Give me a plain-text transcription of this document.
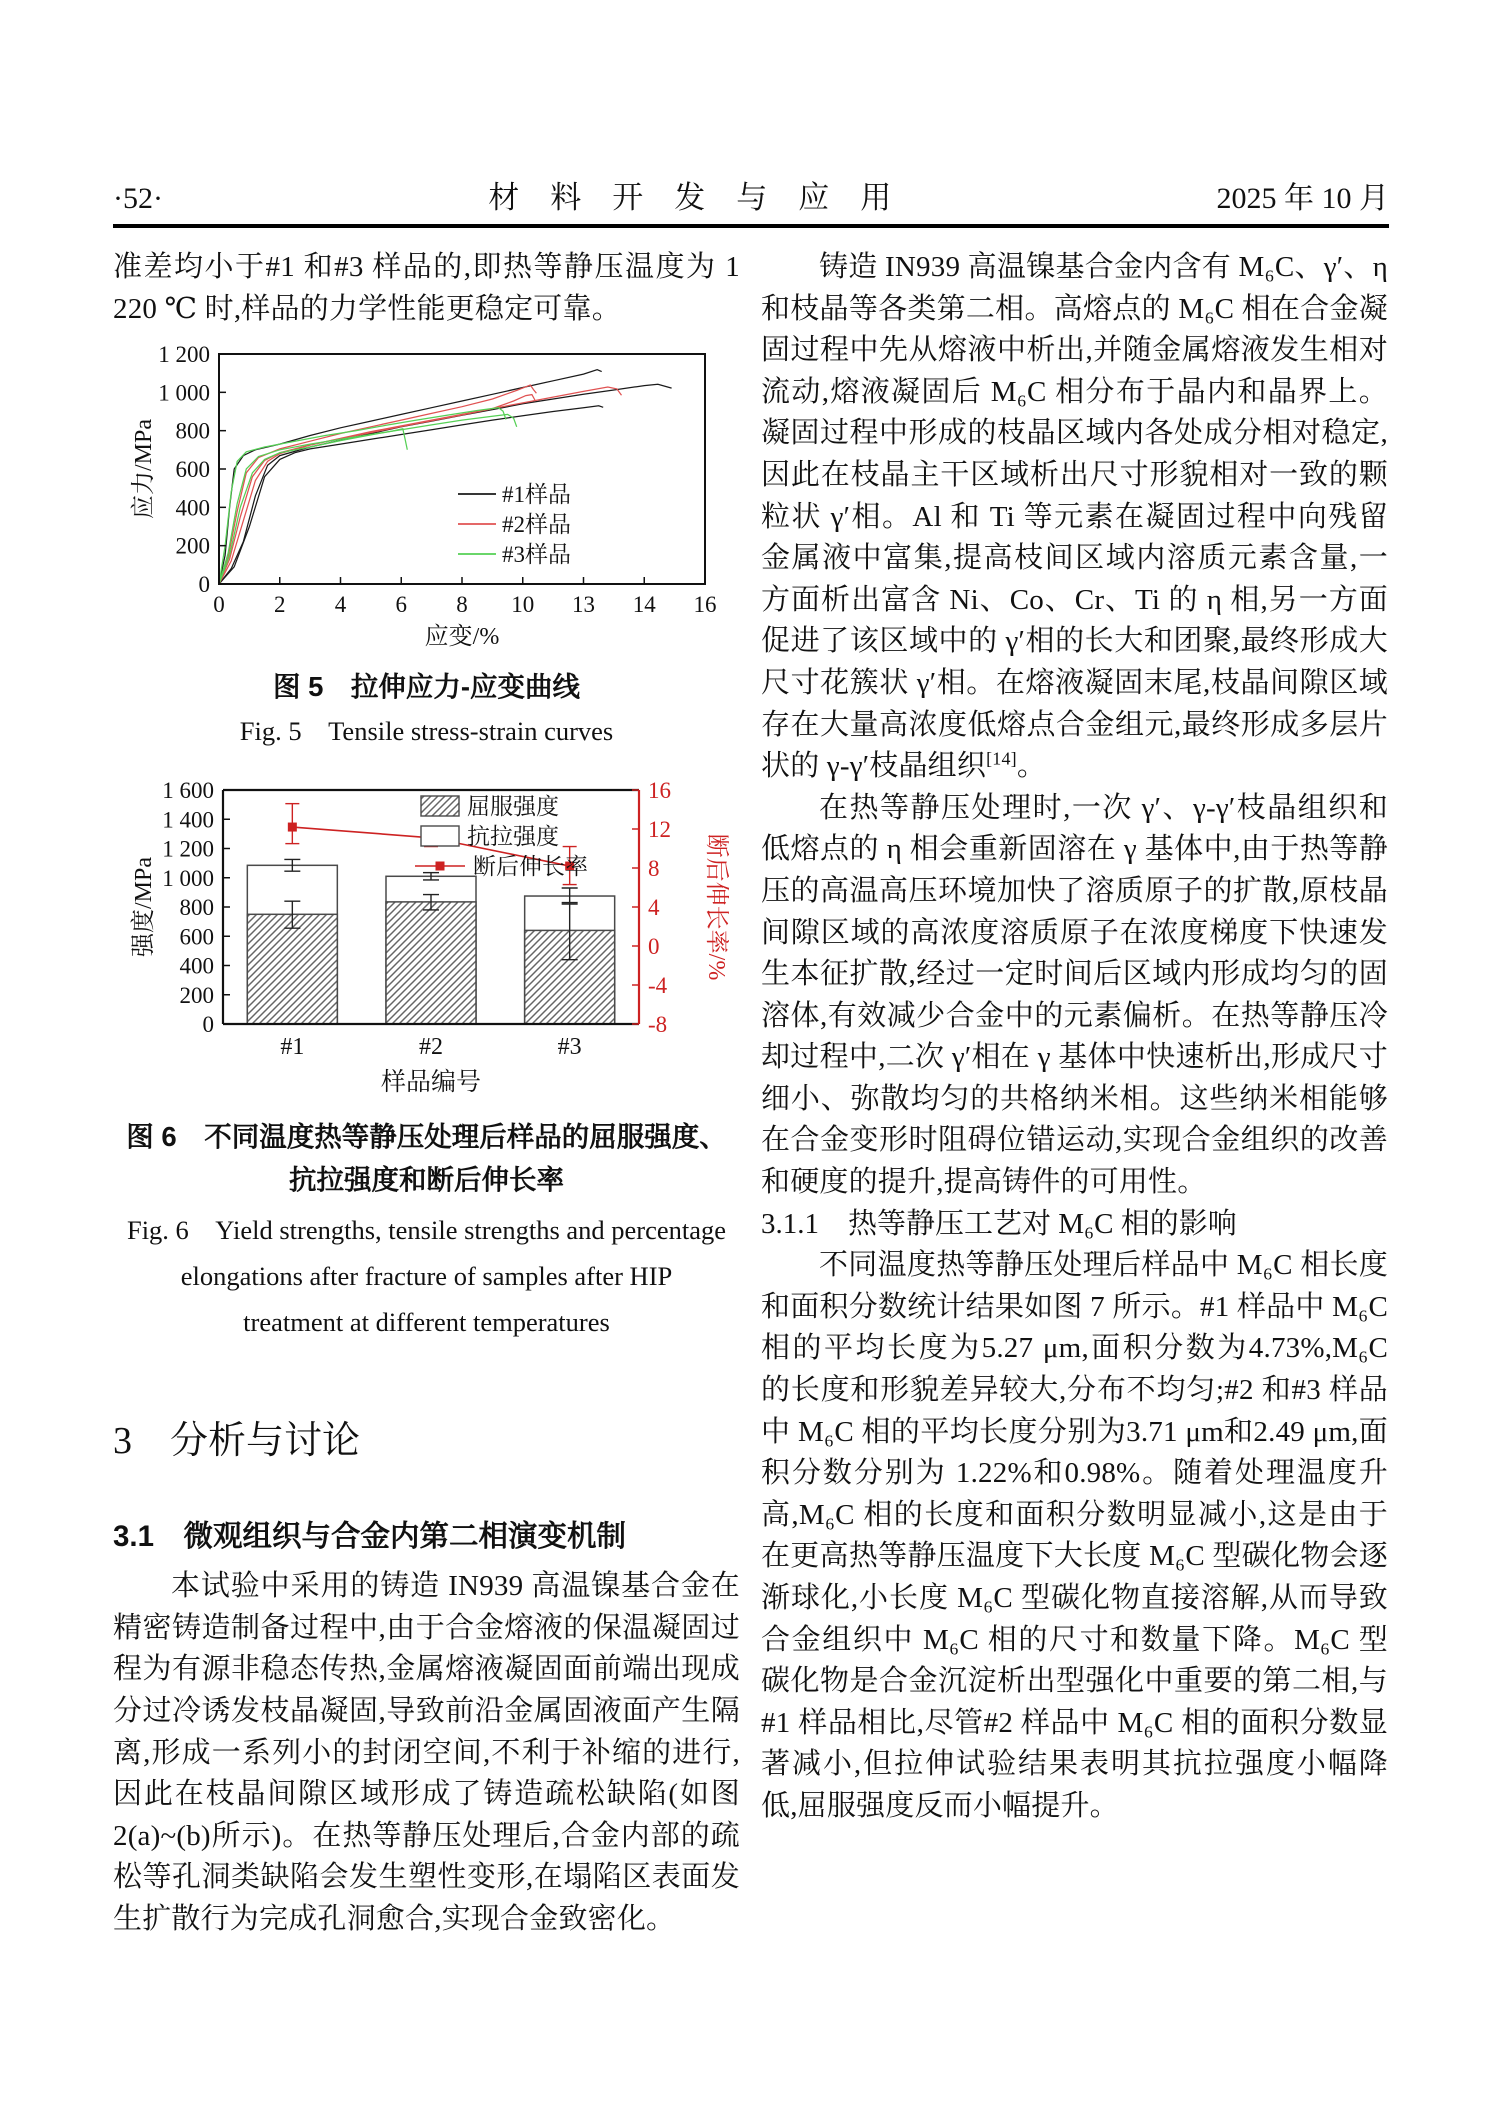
·52·	材　料　开　发　与　应　用	2025 年 10 月

准差均小于#1 和#3 样品的,即热等静压温度为 1 220 ℃ 时,样品的力学性能更稳定可靠。

0 2 4 6 8 10 13 14 16
0
200
400
600
800
1 000
1 200
应变/%
应力/MPa	#1样品
#2样品
#3样品
图 5　拉伸应力-应变曲线
Fig. 5　Tensile stress-strain curves
0
200
400
600
800
1 000
1 200
1 400
1 600
-8
-4
0
4
8
12
16
#1	#2	#3
样品编号
强度/MPa	断后伸长率/%
屈服强度
抗拉强度
断后伸长率
图 6　不同温度热等静压处理后样品的屈服强度、
抗拉强度和断后伸长率
Fig. 6　Yield strengths, tensile strengths and percentage
elongations after fracture of samples after HIP
treatment at different temperatures
3　分析与讨论
3.1　微观组织与合金内第二相演变机制

本试验中采用的铸造 IN939 高温镍基合金在精密铸造制备过程中,由于合金熔液的保温凝固过程为有源非稳态传热,金属熔液凝固面前端出现成分过冷诱发枝晶凝固,导致前沿金属固液面产生隔离,形成一系列小的封闭空间,不利于补缩的进行,因此在枝晶间隙区域形成了铸造疏松缺陷(如图 2(a)~(b)所示)。在热等静压处理后,合金内部的疏松等孔洞类缺陷会发生塑性变形,在塌陷区表面发生扩散行为完成孔洞愈合,实现合金致密化。

铸造 IN939 高温镍基合金内含有 M₆C、γ′、η 和枝晶等各类第二相。高熔点的 M₆C 相在合金凝固过程中先从熔液中析出,并随金属熔液发生相对流动,熔液凝固后 M₆C 相分布于晶内和晶界上。凝固过程中形成的枝晶区域内各处成分相对稳定,因此在枝晶主干区域析出尺寸形貌相对一致的颗粒状 γ′相。Al 和 Ti 等元素在凝固过程中向残留金属液中富集,提高枝间区域内溶质元素含量,一方面析出富含 Ni、Co、Cr、Ti 的 η 相,另一方面促进了该区域中的 γ′相的长大和团聚,最终形成大尺寸花簇状 γ′相。在熔液凝固末尾,枝晶间隙区域存在大量高浓度低熔点合金组元,最终形成多层片状的 γ-γ′枝晶组织[14]。

在热等静压处理时,一次 γ′、γ-γ′枝晶组织和低熔点的 η 相会重新固溶在 γ 基体中,由于热等静压的高温高压环境加快了溶质原子的扩散,原枝晶间隙区域的高浓度溶质原子在浓度梯度下快速发生本征扩散,经过一定时间后区域内形成均匀的固溶体,有效减少合金中的元素偏析。在热等静压冷却过程中,二次 γ′相在 γ 基体中快速析出,形成尺寸细小、弥散均匀的共格纳米相。这些纳米相能够在合金变形时阻碍位错运动,实现合金组织的改善和硬度的提升,提高铸件的可用性。

3.1.1　热等静压工艺对 M₆C 相的影响

不同温度热等静压处理后样品中 M₆C 相长度和面积分数统计结果如图 7 所示。#1 样品中 M₆C 相的平均长度为5.27 μm,面积分数为4.73%,M₆C 的长度和形貌差异较大,分布不均匀;#2 和#3 样品中 M₆C 相的平均长度分别为3.71 μm和2.49 μm,面积分数分别为 1.22%和0.98%。随着处理温度升高,M₆C 相的长度和面积分数明显减小,这是由于在更高热等静压温度下大长度 M₆C 型碳化物会逐渐球化,小长度 M₆C 型碳化物直接溶解,从而导致合金组织中 M₆C 相的尺寸和数量下降。M₆C 型碳化物是合金沉淀析出型强化中重要的第二相,与#1 样品相比,尽管#2 样品中 M₆C 相的面积分数显著减小,但拉伸试验结果表明其抗拉强度小幅降低,屈服强度反而小幅提升。
